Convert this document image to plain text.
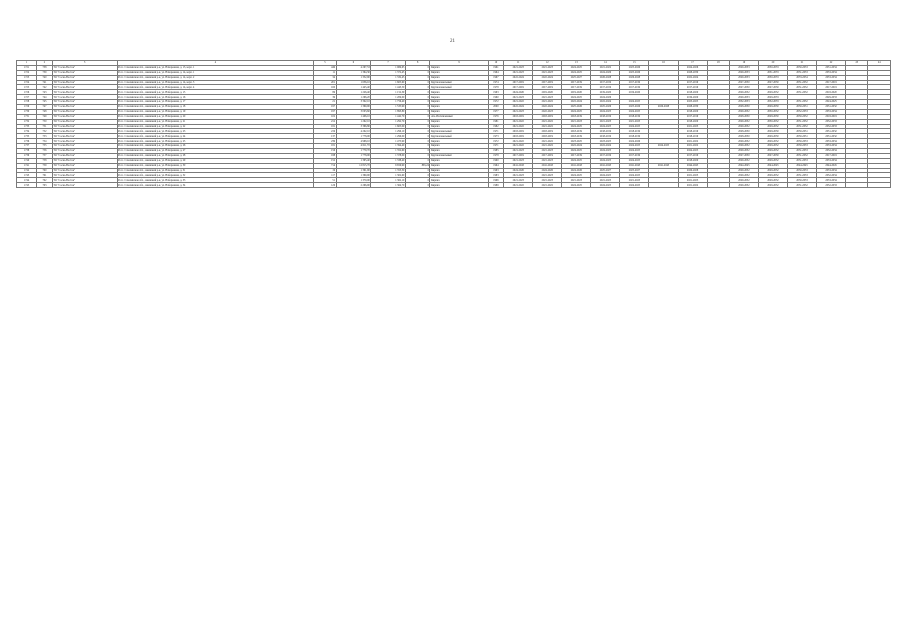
21
1	2	3	4	5	6	7	8	9	10	11	12	13	14	15	16	17	18	19	20	21	22	23	24
1721	738	ТО "Сосна-Восток"	Росс. Сахалинская обл., Анивский р-н, ул. Набережная, д. 13, корп. 1	449	4 297,53	1 969,65	0	Кирпич	1961	2021-2023	2021-2023	2024-2025	2021-2022	2025-2026		2024-2026		2029-2033	2030-2033	2030-2033	2031-2034		
1722	739	ТО "Сосна-Восток"	Росс. Сахалинская обл., Анивский р-н, ул. Набережная, д. 14, корп. 1	11	1 364,30	1 372,45	0	Кирпич	1964	2021-2023	2021-2023	2024-2025	2024-2026	2025-2026		2028-2030		2029-2033	2031-2033	2031-2033	2033-2034		
1723	740	ТО "Сосна-Восток"	Росс. Сахалинская обл., Анивский р-н, ул. Набережная, д. 14, корп. 2	34	1 352,90	1 332,45	0	Кирпич	1967	2022-2024	2022-2024	2025-2027	2026-2028	2026-2028		2022-2024		2029-2033	2030-2033	2033-2034	2033-2034		
1724	741	ТО "Сосна-Восток"	Росс. Сахалинская обл., Анивский р-н, ул. Набережная, д. 14, корп. 3	201	1 636,10	1 605,60	0	Крупнопанельный	1974	2017-2019	2017-2019	2017-2019	2017-2019	2017-2019		2017-2019		2027-2030	2027-2030	2031-2032	2017-2019		
1725	742	ТО "Сосна-Восток"	Росс. Сахалинская обл., Анивский р-н, ул. Набережная, д. 14, корп. 4	160	1 445,40	1 443,50	0	Крупнопанельный	1978	2017-2019	2017-2019	2017-2019	2017-2019	2017-2019		2017-2019		2027-2030	2027-2030	2031-2032	2017-2019		
1726	743	ТО "Сосна-Восток"	Росс. Сахалинская обл., Анивский р-н, ул. Набережная, д. 15	89	1 226,40	1 152,39	0	Кирпич	1963	2024-2026	2019-2020	2019-2020	2019-2020	2019-2020		2018-2020		2029-2032	2029-2032	2031-2032	2018-2020		
1727	744	ТО "Сосна-Восток"	Росс. Сахалинская обл., Анивский р-н, ул. Набережная, д. 16	39	1 296,20	1 209,00	0	Кирпич	1960	2021-2023	2021-2023	2024-2025	2024-2026			2019-2020		2029-2033	2029-2033		2029-2033		
1728	745	ТО "Сосна-Восток"	Росс. Сахалинская обл., Анивский р-н, ул. Набережная, д. 17	21	3 302,10	1 756,40	0	Кирпич	1972	2021-2022	2021-2022	2022-2024	2022-2024	2024-2025		2023-2025		2032-2033	2032-2033	2031-2032	2024-2025		
1729	747	ТО "Сосна-Восток"	Росс. Сахалинская обл., Анивский р-н, ул. Набережная, д. 18	197	1 369,90	1 535,90	0	Кирпич	2000	2022-2024	2022-2024	2025-2026	2025-2026	2025-2026	2026-2028	2028-2030		2028-2030	2029-2030	2030-2031	2031-2032		
1730	748	ТО "Сосна-Восток"	Росс. Сахалинская обл., Анивский р-н, ул. Набережная, д. 19	197	3 003,60	1 893,80	0	Кирпич	1977	2021-2023	2022-2023	2024-2025	2024-2025	2024-2025		2018-2020		2029-2032	2030-2032	2032-2033	2033-2034		
1731	749	ТО "Сосна-Восток"	Росс. Сахалинская обл., Анивский р-н, ул. Набережная, д. 20	102	1 406,10	1 442,70	0	Ато-Изобличенный	1976	2018-2019	2018-2019	2018-2019	2018-2019	2018-2019		2017-2019		2028-2030	2028-2030	2030-2032	2018-2019		
1732	750	ТО "Сосна-Восток"	Росс. Сахалинская обл., Анивский р-н, ул. Набережная, д. 21	212	1 292,10	1 292,70	0	Кирпич	1981	2021-2022	2021-2022	2021-2023	2021-2023	2021-2023		2018-2020		2029-2032	2030-2032	2031-2032	2032-2033		
1733	751	ТО "Сосна-Восток"	Росс. Сахалинская обл., Анивский р-н, ул. Набережная, д. 22	181	3 366,80	1 605,00	0	Кирпич	1982	2021-2022	2021-2022	2024-2025	2024-2025	2024-2025		2021-2023		2029-2032	2029-2032	2031-2032	2032-2033		
1734	752	ТО "Сосна-Восток"	Росс. Сахалинская обл., Анивский р-н, ул. Набережная, д. 23	219	4 202,10	1 296,10	0	Крупнопанельный	1971	2018-2019	2018-2019	2018-2019	2018-2019	2018-2019		2018-2019		2028-2030	2029-2030	2030-2031	2031-2032		
1735	753	ТО "Сосна-Восток"	Росс. Сахалинская обл., Анивский р-н, ул. Набережная, д. 24	137	1 778,00	1 296,00	0	Крупнопанельный	1973	2018-2019	2018-2019	2018-2019	2018-2019	2018-2019		2018-2019		2028-2030	2029-2030	2030-2031	2031-2032		
1736	754	ТО "Сосна-Восток"	Росс. Сахалинская обл., Анивский р-н, ул. Набережная, д. 25	239	4 968,10	1 475,90	0	Кирпич	1972	2021-2022	2021-2022	2023-2025	2023-2025	2024-2026		2021-2022		2029-2032	2029-2032	2030-2033	2033-2034		
1737	755	ТО "Сосна-Восток"	Росс. Сахалинская обл., Анивский р-н, ул. Набережная, д. 26	181	4 611,70	1 394,40	0	Кирпич	1971	2021-2022	2021-2022	2022-2024	2022-2024	2024-2025	2024-2025	2021-2022		2029-2032	2029-2032	2030-2033	2033-2034		
1738	756	ТО "Сосна-Восток"	Росс. Сахалинская обл., Анивский р-н, ул. Набережная, д. 27	156	1 779,70	1 352,60	0	Кирпич	1985	2021-2023	2021-2023	2024-2025	2024-2025	2024-2025		2024-2025		2029-2032	2029-2032	2031-2033	2032-2034		
1739	757	ТО "Сосна-Восток"	Росс. Сахалинская обл., Анивский р-н, ул. Набережная, д. 28	188	1 778,00	1 378,00	0	Крупнопанельный	1978	2017-2019	2017-2019	2017-2019	2017-2019	2017-2019		2017-2019		2027-2030	2027-2030	2031-2032	2017-2019		
1740	758	ТО "Сосна-Восток"	Росс. Сахалинская обл., Анивский р-н, ул. Набережная, д. 29	152	1 395,40	1 338,40	0	Кирпич	1990	2021-2023	2021-2023	2024-2025	2024-2025	2024-2025		2018-2020		2029-2032	2029-2032	2031-2033	2033-2034		
1741	759	ТО "Сосна-Восток"	Росс. Сахалинская обл., Анивский р-н, ул. Набережная, д. 30	714	12 815,70	6 656,90	865,24	Кирпич	1964	2041-2043	2041-2043	2041-2043	2041-2043	2041-2043	2041-2043	2044-2045		2044-2045	2044-2045	2044-2045	2044-2045		
1742	760	ТО "Сосна-Восток"	Росс. Сахалинская обл., Анивский р-н, ул. Набережная, д. 31	19	1 391,90	1 353,30	0	Кирпич	1963	2024-2026	2024-2026	2024-2026	2025-2027	2025-2027		2026-2028		2029-2032	2029-2032	2030-2033	2033-2034		
1743	761	ТО "Сосна-Восток"	Росс. Сахалинская обл., Анивский р-н, ул. Набережная, д. 32	117	1 369,90	1 302,60	0	Кирпич	1983	2021-2023	2021-2023	2024-2025	2024-2025	2024-2025		2021-2023		2029-2032	2029-2032	2031-2033	2032-2034		
1744	762	ТО "Сосна-Восток"	Росс. Сахалинская обл., Анивский р-н, ул. Набережная, д. 33	51	1 370,00	1 362,10	0	Кирпич	1996	2021-2023	2021-2023	2021-2023	2021-2023	2021-2023		2021-2023		2029-2032	2029-2032	2030-2033	2033-2034		
1745	763	ТО "Сосна-Восток"	Росс. Сахалинская обл., Анивский р-н, ул. Набережная, д. 34	126	2 296,90	1 364,70	0	Кирпич	1989	2021-2022	2021-2022	2024-2025	2024-2025	2024-2025		2021-2022		2029-2032	2029-2032	2031-2032	2032-2033		
